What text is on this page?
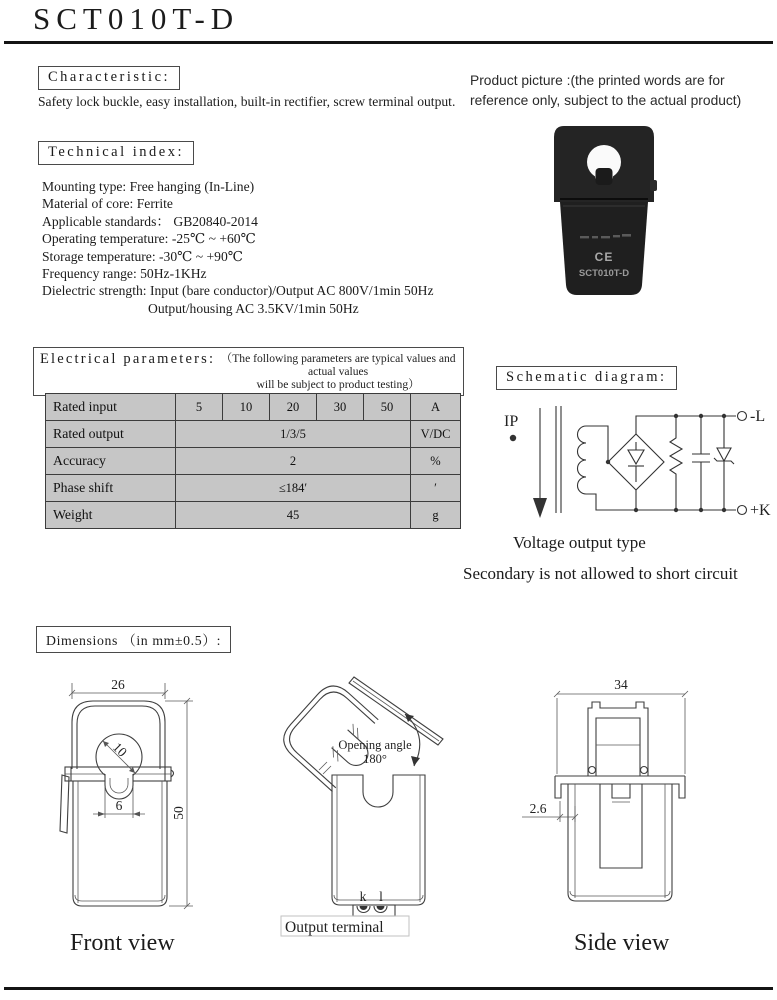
SCT010T-D
Characteristic:
Safety lock buckle, easy installation, built-in rectifier, screw terminal output.
Product picture :(the printed words are for
reference only, subject to the actual product)
CE
SCT010T-D
Technical index:
Mounting type: Free hanging (In-Line)
Material of core: Ferrite
Applicable standards： GB20840-2014
Operating temperature: -25℃ ~ +60℃
Storage temperature: -30℃ ~ +90℃
Frequency range: 50Hz-1KHz
Dielectric strength: Input (bare conductor)/Output AC 800V/1min 50Hz
Output/housing AC 3.5KV/1min 50Hz
Electrical parameters: （The following parameters are typical values and actual values
will be subject to product testing）
Rated input	5	10	20	30	50	A
Rated output	1/3/5					V/DC
Accuracy	2					%
Phase shift	≤184′					′
Weight	45					g
Schematic diagram:
IP	-L
+K
Voltage output type
Secondary is not allowed to short circuit
Dimensions （in mm±0.5）:
26
10
6	50
Opening angle
180°
k l
Output terminal
34
2.6
Front view	Side view
